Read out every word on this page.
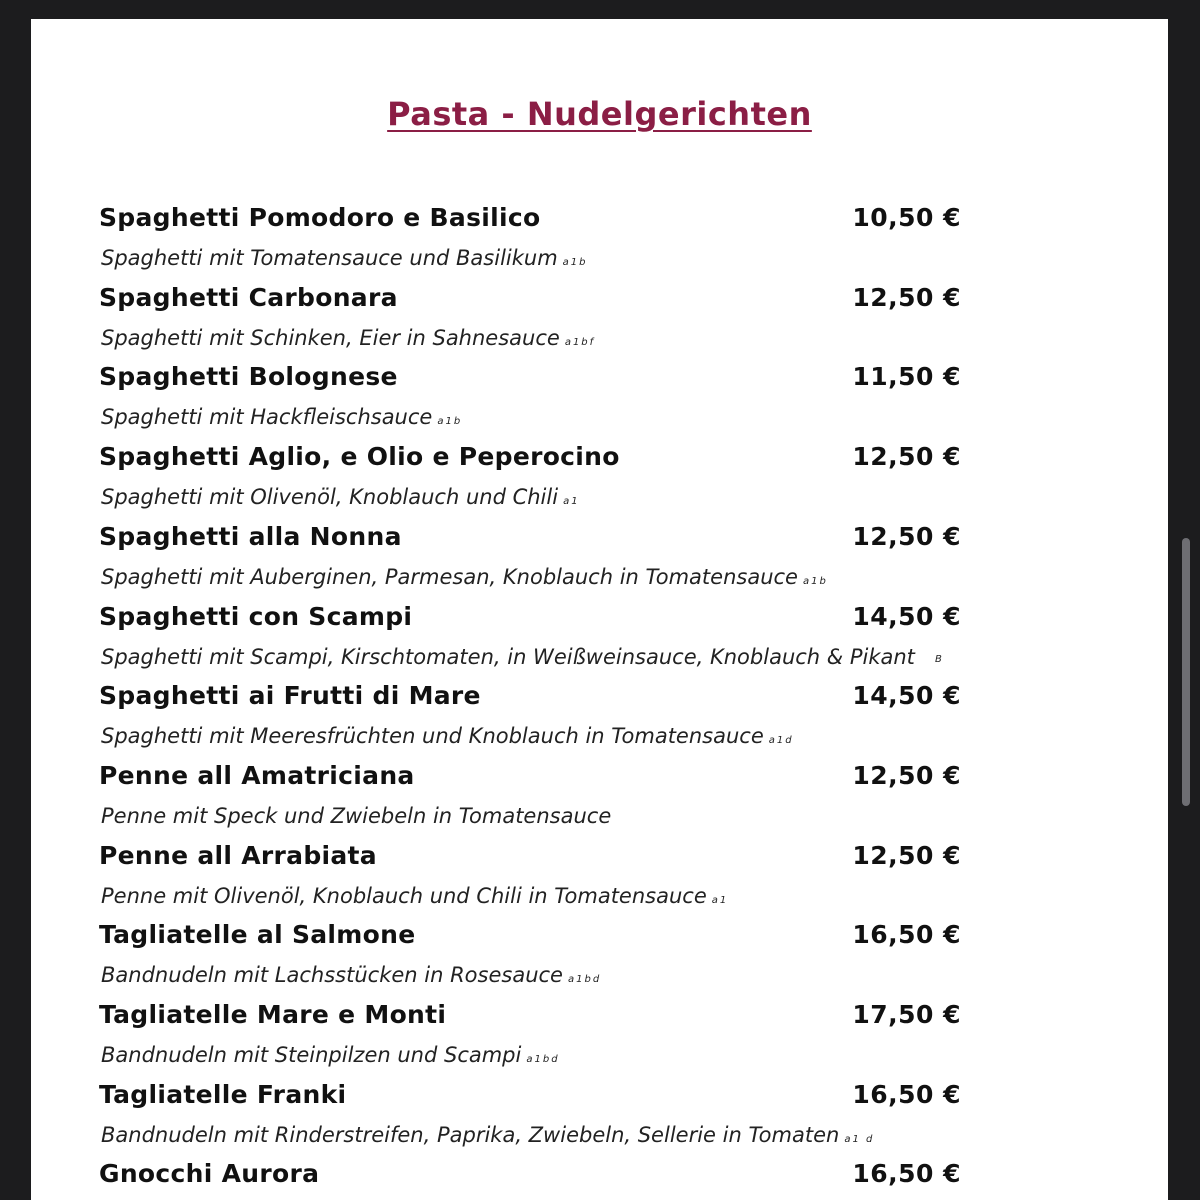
Pasta - Nudelgerichten
Spaghetti Pomodoro e Basilico	10,50 €
Spaghetti mit Tomatensauce und Basilikum a1b
Spaghetti Carbonara	12,50 €
Spaghetti mit Schinken, Eier in Sahnesauce a1bf
Spaghetti Bolognese	11,50 €
Spaghetti mit Hackfleischsauce a1b
Spaghetti Aglio, e Olio e Peperocino	12,50 €
Spaghetti mit Olivenöl, Knoblauch und Chili a1
Spaghetti alla Nonna	12,50 €
Spaghetti mit Auberginen, Parmesan, Knoblauch in Tomatensauce a1b
Spaghetti con Scampi	14,50 €
Spaghetti mit Scampi, Kirschtomaten, in Weißweinsauce, Knoblauch & Pikant B
Spaghetti ai Frutti di Mare	14,50 €
Spaghetti mit Meeresfrüchten und Knoblauch in Tomatensauce a1d
Penne all Amatriciana	12,50 €
Penne mit Speck und Zwiebeln in Tomatensauce
Penne all Arrabiata	12,50 €
Penne mit Olivenöl, Knoblauch und Chili in Tomatensauce a1
Tagliatelle al Salmone	16,50 €
Bandnudeln mit Lachsstücken in Rosesauce a1bd
Tagliatelle Mare e Monti	17,50 €
Bandnudeln mit Steinpilzen und Scampi a1bd
Tagliatelle Franki	16,50 €
Bandnudeln mit Rinderstreifen, Paprika, Zwiebeln, Sellerie in Tomaten a1 d
Gnocchi Aurora	16,50 €
